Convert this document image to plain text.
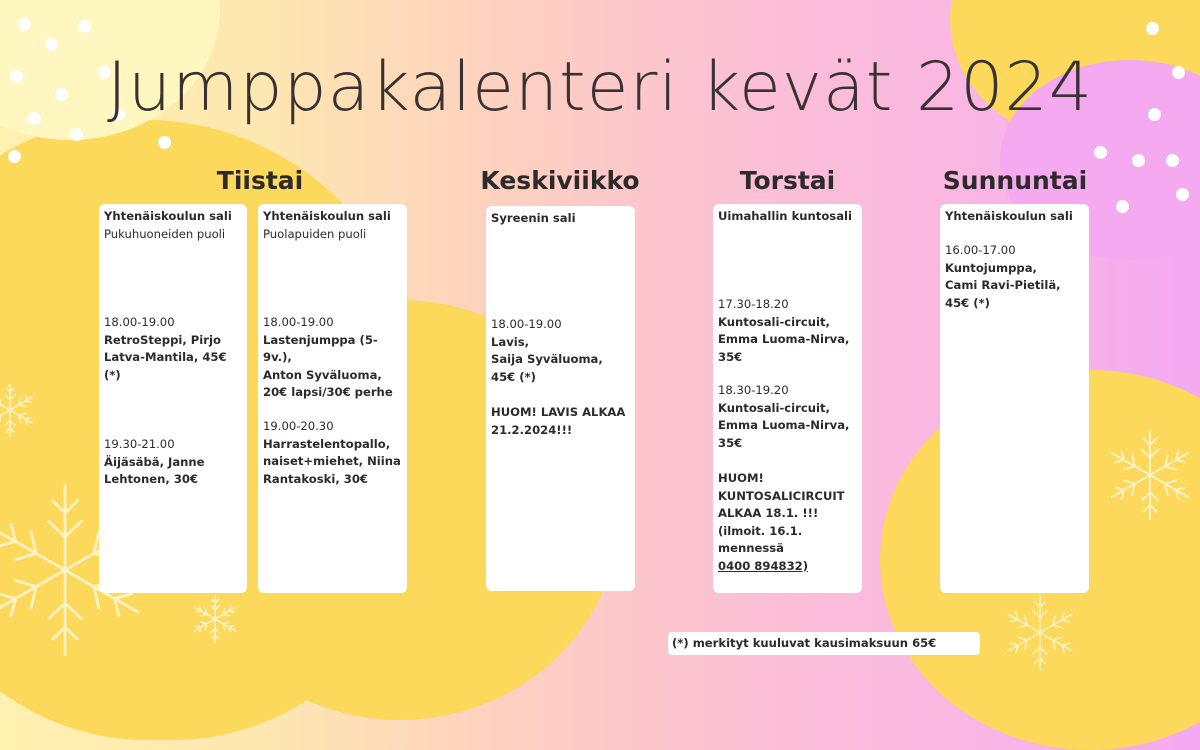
Jumppakalenteri kevät 2024
Tiistai	Keskiviikko	Torstai	Sunnuntai
Yhtenäiskoulun sali
Pukuhuoneiden puoli
18.00-19.00
RetroSteppi, Pirjo
Latva-Mantila, 45€ (*)
19.30-21.00
Äijäsäbä, Janne
Lehtonen, 30€
Yhtenäiskoulun sali
Puolapuiden puoli
18.00-19.00
Lastenjumppa (5-9v.),
Anton Syväluoma,
20€ lapsi/30€ perhe
19.00-20.30
Harrastelentopallo,
naiset+miehet, Niina
Rantakoski, 30€
Syreenin sali
18.00-19.00
Lavis,
Saija Syväluoma,
45€ (*)
HUOM! LAVIS ALKAA
21.2.2024!!!
Uimahallin kuntosali
17.30-18.20
Kuntosali-circuit,
Emma Luoma-Nirva,
35€
18.30-19.20
Kuntosali-circuit,
Emma Luoma-Nirva,
35€
HUOM!
KUNTOSALICIRCUIT
ALKAA 18.1. !!!
(ilmoit. 16.1. mennessä
0400 894832)
Yhtenäiskoulun sali
16.00-17.00
Kuntojumppa,
Cami Ravi-Pietilä,
45€ (*)
(*) merkityt kuuluvat kausimaksuun 65€
